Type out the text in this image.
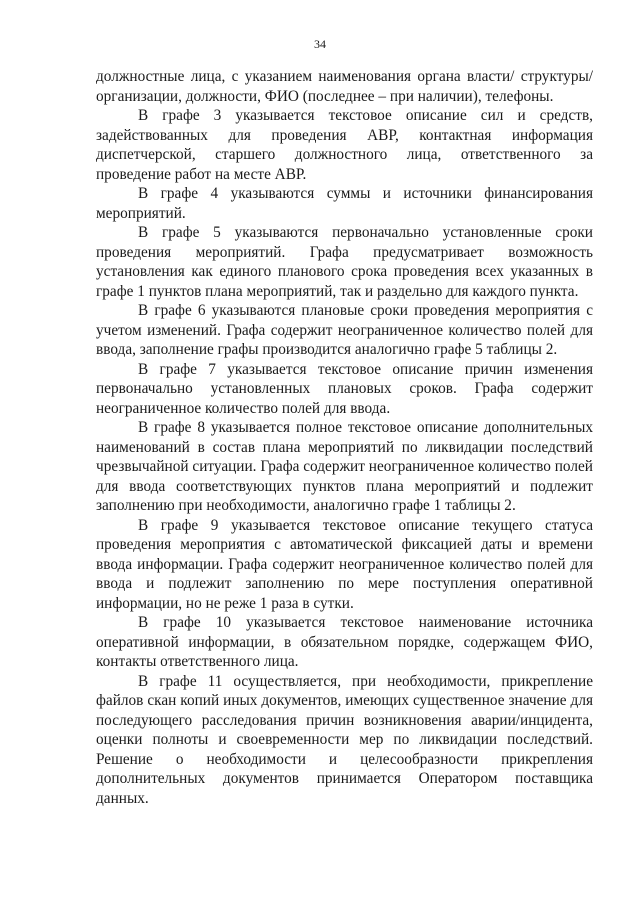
34

должностные лица, с указанием наименования органа власти/ структуры/ организации, должности, ФИО (последнее – при наличии), телефоны.

В графе 3 указывается текстовое описание сил и средств, задействованных для проведения АВР, контактная информация диспетчерской, старшего должностного лица, ответственного за проведение работ на месте АВР.

В графе 4 указываются суммы и источники финансирования мероприятий.

В графе 5 указываются первоначально установленные сроки проведения мероприятий. Графа предусматривает возможность установления как единого планового срока проведения всех указанных в графе 1 пунктов плана мероприятий, так и раздельно для каждого пункта.

В графе 6 указываются плановые сроки проведения мероприятия с учетом изменений. Графа содержит неограниченное количество полей для ввода, заполнение графы производится аналогично графе 5 таблицы 2.

В графе 7 указывается текстовое описание причин изменения первоначально установленных плановых сроков. Графа содержит неограниченное количество полей для ввода.

В графе 8 указывается полное текстовое описание дополнительных наименований в состав плана мероприятий по ликвидации последствий чрезвычайной ситуации. Графа содержит неограниченное количество полей для ввода соответствующих пунктов плана мероприятий и подлежит заполнению при необходимости, аналогично графе 1 таблицы 2.

В графе 9 указывается текстовое описание текущего статуса проведения мероприятия с автоматической фиксацией даты и времени ввода информации. Графа содержит неограниченное количество полей для ввода и подлежит заполнению по мере поступления оперативной информации, но не реже 1 раза в сутки.

В графе 10 указывается текстовое наименование источника оперативной информации, в обязательном порядке, содержащем ФИО, контакты ответственного лица.

В графе 11 осуществляется, при необходимости, прикрепление файлов скан копий иных документов, имеющих существенное значение для последующего расследования причин возникновения аварии/инцидента, оценки полноты и своевременности мер по ликвидации последствий. Решение о необходимости и целесообразности прикрепления дополнительных документов принимается Оператором поставщика данных.
